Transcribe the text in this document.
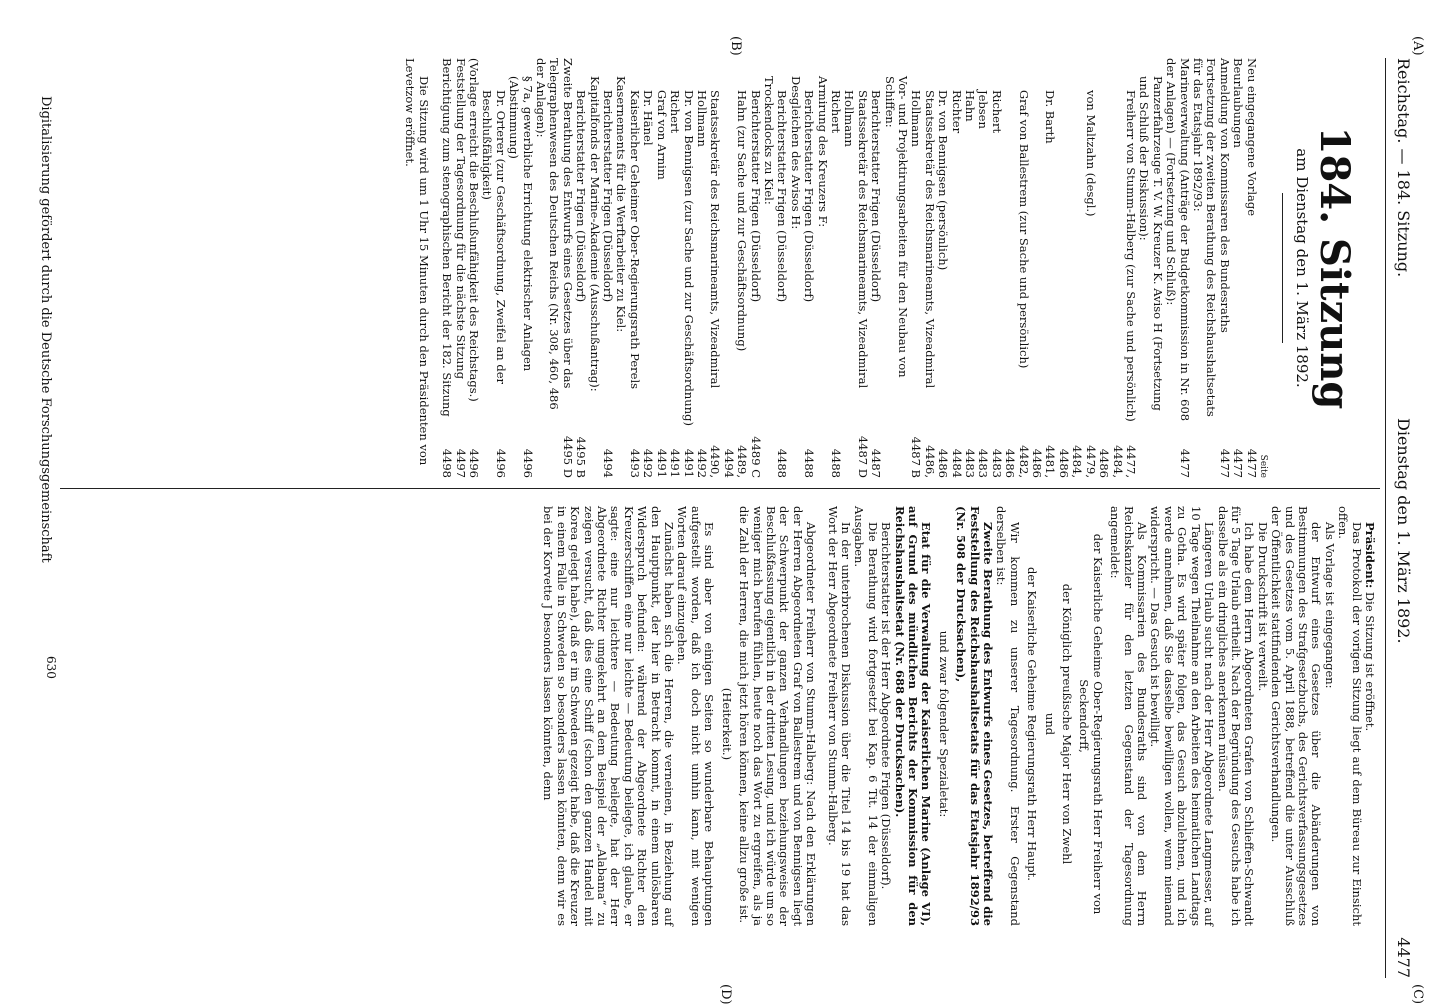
Reichstag. — 184. Sitzung.
Dienstag den 1. März 1892.
4477
(A)
(B)
(C)
(D)
184. Sitzung
am Dienstag den 1. März 1892.
Seite
Neu eingegangene Vorlage
4477
Beurlaubungen
4477
Anmeldung von Kommissaren des Bundesraths
4477
Fortsetzung der zweiten Berathung des Reichshaushaltsetats für das Etatsjahr 1892/93:
Marineverwaltung (Anträge der Budgetkommission in Nr. 608 der Anlagen) — (Fortsetzung und Schluß):
4477
Panzerfahrzeuge T. V. W. Kreuzer K. Aviso H (Fortsetzung und Schluß der Diskussion):
Freiherr von Stumm-Halberg (zur Sache und persönlich)
4477, 4484, 4486
von Maltzahn (desgl.)
4479, 4484, 4486
Dr. Barth
4481, 4486
Graf von Ballestrem (zur Sache und persönlich)
4482, 4486
Richert
4483
Jebsen
4483
Hahn
4483
Richter
4484
Dr. von Bennigsen (persönlich)
4486
Staatssekretär des Reichsmarineamts, Vizeadmiral Hollmann
4486, 4487 B
Vor- und Projektirungsarbeiten für den Neubau von Schiffen:
Berichterstatter Frigen (Düsseldorf)
4487
Staatssekretär des Reichsmarineamts, Vizeadmiral Hollmann
4487 D
Richert
4488
Armirung des Kreuzers F:
Berichterstatter Frigen (Düsseldorf)
4488
Desgleichen des Avisos H:
Berichterstatter Frigen (Düsseldorf)
4488
Trockendocks zu Kiel:
Berichterstatter Frigen (Düsseldorf)
4489 C
Hahn (zur Sache und zur Geschäftsordnung)
4489, 4494
Staatssekretär des Reichsmarineamts, Vizeadmiral Hollmann
4490, 4492
Dr. von Bennigsen (zur Sache und zur Geschäftsordnung)
4491
Richert
4491
Graf von Arnim
4491
Dr. Hänel
4492
Kaiserlicher Geheimer Ober-Regierungsrath Perels
4493
Kasernements für die Werftarbeiter zu Kiel:
Berichterstatter Frigen (Düsseldorf)
4494
Kapitalfonds der Marine-Akademie (Ausschußantrag):
Berichterstatter Frigen (Düsseldorf)
4495 B
Zweite Berathung des Entwurfs eines Gesetzes über das Telegraphenwesen des Deutschen Reichs (Nr. 308, 460, 486 der Anlagen):
4495 D
§ 7a, gewerbliche Errichtung elektrischer Anlagen (Abstimmung)
4496
Dr. Orterer (zur Geschäftsordnung, Zweifel an der Beschlußfähigkeit)
4496
(Vorlage erreicht die Beschlußunfähigkeit des Reichstags.)
4496
Feststellung der Tagesordnung für die nächste Sitzung
4497
Berichtigung zum stenographischen Bericht der 182. Sitzung
4498
Die Sitzung wird um 1 Uhr 15 Minuten durch den Präsidenten von Levetzow eröffnet.

Präsident: Die Sitzung ist eröffnet.

Das Protokoll der vorigen Sitzung liegt auf dem Büreau zur Einsicht offen.

Als Vorlage ist eingegangen:

der Entwurf eines Gesetzes über die Abänderungen von Bestimmungen des Strafgesetzbuchs, des Gerichtsverfassungsgesetzes und des Gesetzes vom 5. April 1888, betreffend die unter Ausschluß der Öffentlichkeit stattfindenden Gerichtsverhandlungen.

Die Druckschrift ist verweilt.

Ich habe dem Herrn Abgeordneten Grafen von Schlieffen-Schwandt für 5 Tage Urlaub ertheilt. Nach der Begründung des Gesuchs habe ich dasselbe als ein dringliches anerkennen müssen.

Längeren Urlaub sucht nach der Herr Abgeordnete Langmesser, auf 10 Tage wegen Theilnahme an den Arbeiten des heimatlichen Landtags zu Gotha. Es wird später folgen, das Gesuch abzulehnen, und ich werde annehmen, daß Sie dasselbe bewilligen wollen, wenn niemand widerspricht. — Das Gesuch ist bewilligt.

Als Kommissarien des Bundesraths sind von dem Herrn Reichskanzler für den letzten Gegenstand der Tagesordnung angemeldet:

der Kaiserliche Geheime Ober-Regierungsrath Herr Freiherr von Seckendorff,

der Königlich preußische Major Herr von Zwehl

und

der Kaiserliche Geheime Regierungsrath Herr Haupt.

Wir kommen zu unserer Tagesordnung. Erster Gegenstand derselben ist:

Zweite Berathung des Entwurfs eines Gesetzes, betreffend die Feststellung des Reichshaushaltsetats für das Etatsjahr 1892/93 (Nr. 508 der Drucksachen),

und zwar folgender Spezialetat:

Etat für die Verwaltung der Kaiserlichen Marine (Anlage VI), auf Grund des mündlichen Berichts der Kommission für den Reichshaushaltsetat (Nr. 688 der Drucksachen).

Berichterstatter ist der Herr Abgeordnete Frigen (Düsseldorf).

Die Berathung wird fortgesetzt bei Kap. 6 Tit. 14 der einmaligen Ausgaben.

In der unterbrochenen Diskussion über die Titel 14 bis 19 hat das Wort der Herr Abgeordnete Freiherr von Stumm-Halberg.

Abgeordneter Freiherr von Stumm-Halberg: Nach den Erklärungen der Herren Abgeordneten Graf von Ballestrem und von Bennigsen liegt der Schwerpunkt der ganzen Verhandlungen beziehungsweise der Beschlußfassung eigentlich in der dritten Lesung, und ich würde um so weniger mich berufen fühlen, heute noch das Wort zu ergreifen, als ja die Zahl der Herren, die mich jetzt hören können, keine allzu große ist.

(Heiterkeit.)

Es sind aber von einigen Seiten so wunderbare Behauptungen aufgestellt worden, daß ich doch nicht umhin kann, mit wenigen Worten darauf einzugehen.

Zunächst haben sich die Herren, die verneinen, in Beziehung auf den Hauptpunkt, der hier in Betracht kommt, in einem unlösbaren Widerspruch befunden: während der Abgeordnete Richter den Kreuzerschiffen eine nur leichte — Bedeutung beilegte, ich glaube, er sagte: eine nur leichtere — Bedeutung beilegte, hat der Herr Abgeordnete Richter umgekehrt an dem Beispiel der „Alabama“ zu zeigen versucht, daß dies eine Schiff (schon den ganzen Handel mit Korea gelegt habe), daß er im Schweden gezeigt habe, daß die Kreuzer in einem Falle in Schweden so besonders lassen könnten, denn wir es bei der Korvette J besonders lassen könnten, denn

630
Digitalisierung gefördert durch die Deutsche Forschungsgemeinschaft
